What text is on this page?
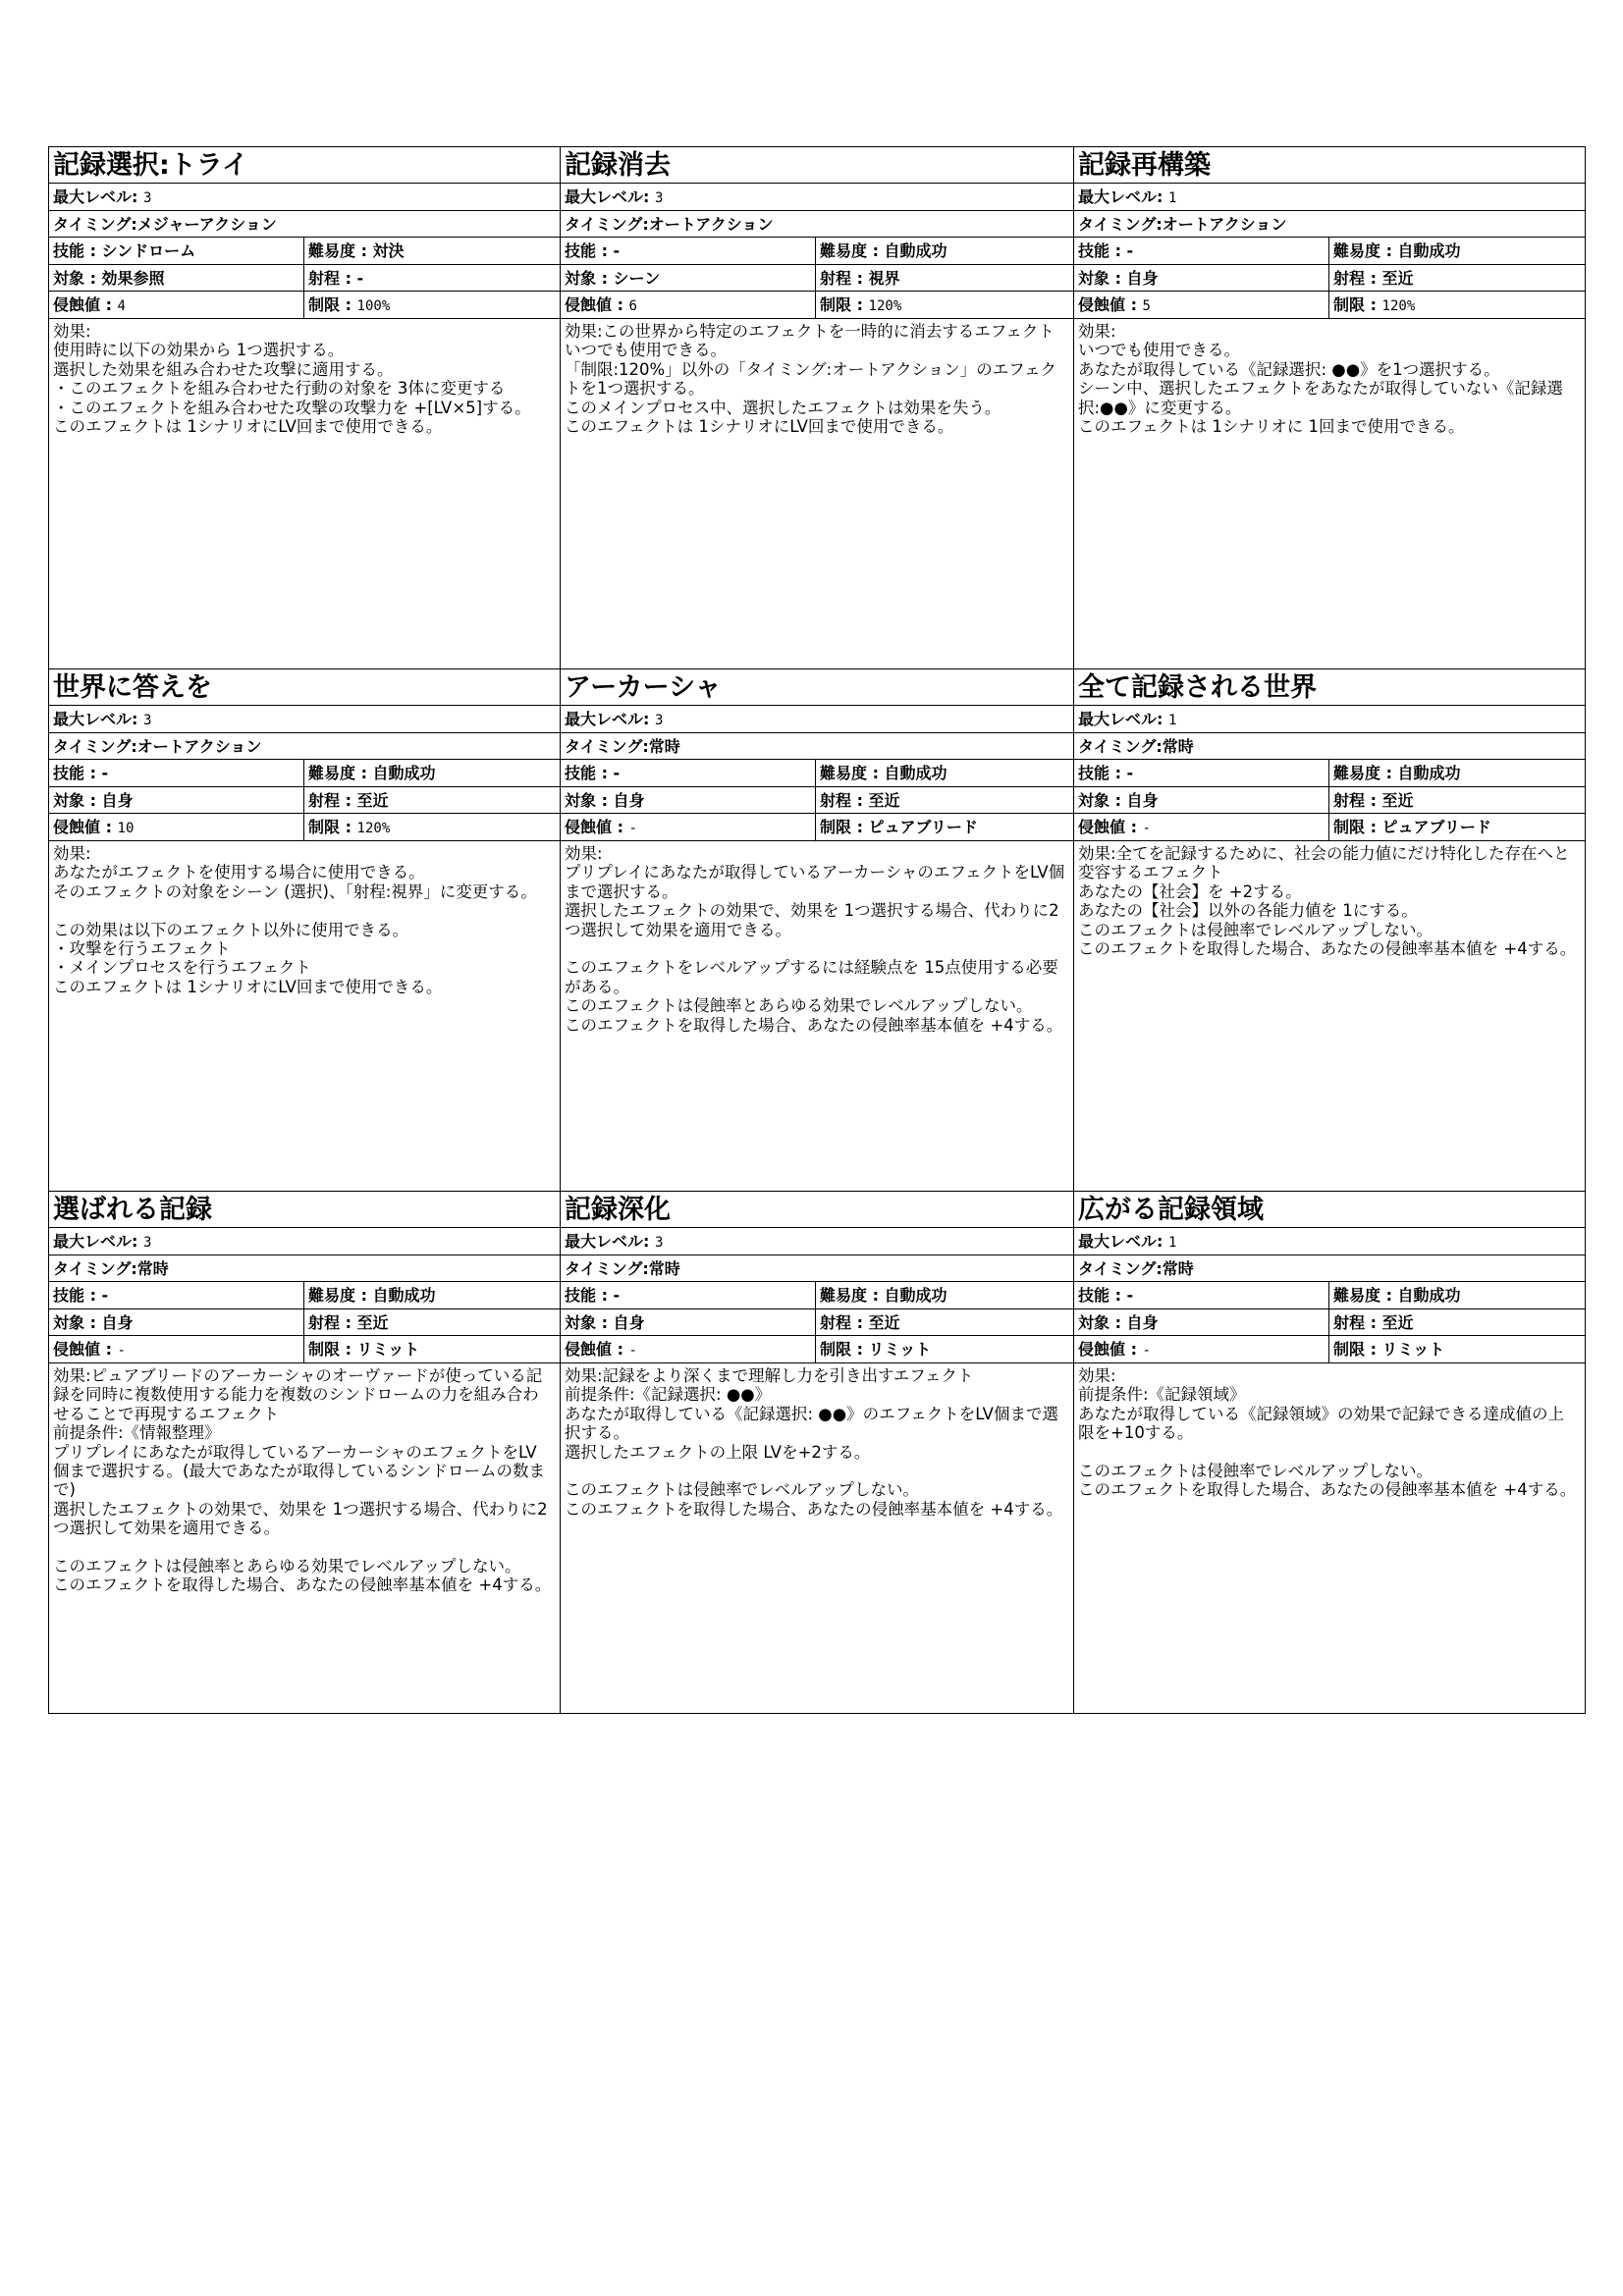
記録選択:トライ
最大レベル: 3
タイミング:メジャーアクション
技能 : シンドローム	難易度 : 対決
対象 : 効果参照	射程 : -
侵蝕値 : 4	制限 : 100%
効果:
使用時に以下の効果から 1つ選択する。
選択した効果を組み合わせた攻撃に適用する。
・このエフェクトを組み合わせた行動の対象を 3体に変更する
・このエフェクトを組み合わせた攻撃の攻撃力を +[LV×5]する。
このエフェクトは 1シナリオにLV回まで使用できる。
記録消去
最大レベル: 3
タイミング:オートアクション
技能 : -	難易度 : 自動成功
対象 : シーン	射程 : 視界
侵蝕値 : 6	制限 : 120%
効果:この世界から特定のエフェクトを一時的に消去するエフェクト
いつでも使用できる。
「制限:120%」以外の「タイミング:オートアクション」のエフェクトを1つ選択する。
このメインプロセス中、選択したエフェクトは効果を失う。
このエフェクトは 1シナリオにLV回まで使用できる。
記録再構築
最大レベル: 1
タイミング:オートアクション
技能 : -	難易度 : 自動成功
対象 : 自身	射程 : 至近
侵蝕値 : 5	制限 : 120%
効果:
いつでも使用できる。
あなたが取得している《記録選択: ●●》を1つ選択する。
シーン中、選択したエフェクトをあなたが取得していない《記録選択:●●》に変更する。
このエフェクトは 1シナリオに 1回まで使用できる。
世界に答えを
最大レベル: 3
タイミング:オートアクション
技能 : -	難易度 : 自動成功
対象 : 自身	射程 : 至近
侵蝕値 : 10	制限 : 120%
効果:
あなたがエフェクトを使用する場合に使用できる。
そのエフェクトの対象をシーン (選択)、「射程:視界」に変更する。

この効果は以下のエフェクト以外に使用できる。
・攻撃を行うエフェクト
・メインプロセスを行うエフェクト
このエフェクトは 1シナリオにLV回まで使用できる。
アーカーシャ
最大レベル: 3
タイミング:常時
技能 : -	難易度 : 自動成功
対象 : 自身	射程 : 至近
侵蝕値 : -	制限 : ピュアブリード
効果:
プリプレイにあなたが取得しているアーカーシャのエフェクトをLV個まで選択する。
選択したエフェクトの効果で、効果を 1つ選択する場合、代わりに2つ選択して効果を適用できる。

このエフェクトをレベルアップするには経験点を 15点使用する必要がある。
このエフェクトは侵蝕率とあらゆる効果でレベルアップしない。
このエフェクトを取得した場合、あなたの侵蝕率基本値を +4する。
全て記録される世界
最大レベル: 1
タイミング:常時
技能 : -	難易度 : 自動成功
対象 : 自身	射程 : 至近
侵蝕値 : -	制限 : ピュアブリード
効果:全てを記録するために、社会の能力値にだけ特化した存在へと変容するエフェクト
あなたの【社会】を +2する。
あなたの【社会】以外の各能力値を 1にする。
このエフェクトは侵蝕率でレベルアップしない。
このエフェクトを取得した場合、あなたの侵蝕率基本値を +4する。
選ばれる記録
最大レベル: 3
タイミング:常時
技能 : -	難易度 : 自動成功
対象 : 自身	射程 : 至近
侵蝕値 : -	制限 : リミット
効果:ピュアブリードのアーカーシャのオーヴァードが使っている記録を同時に複数使用する能力を複数のシンドロームの力を組み合わせることで再現するエフェクト
前提条件:《情報整理》
プリプレイにあなたが取得しているアーカーシャのエフェクトをLV個まで選択する。(最大であなたが取得しているシンドロームの数まで)
選択したエフェクトの効果で、効果を 1つ選択する場合、代わりに2つ選択して効果を適用できる。

このエフェクトは侵蝕率とあらゆる効果でレベルアップしない。
このエフェクトを取得した場合、あなたの侵蝕率基本値を +4する。
記録深化
最大レベル: 3
タイミング:常時
技能 : -	難易度 : 自動成功
対象 : 自身	射程 : 至近
侵蝕値 : -	制限 : リミット
効果:記録をより深くまで理解し力を引き出すエフェクト
前提条件:《記録選択: ●●》
あなたが取得している《記録選択: ●●》のエフェクトをLV個まで選択する。
選択したエフェクトの上限 LVを+2する。

このエフェクトは侵蝕率でレベルアップしない。
このエフェクトを取得した場合、あなたの侵蝕率基本値を +4する。
広がる記録領域
最大レベル: 1
タイミング:常時
技能 : -	難易度 : 自動成功
対象 : 自身	射程 : 至近
侵蝕値 : -	制限 : リミット
効果:
前提条件:《記録領域》
あなたが取得している《記録領域》の効果で記録できる達成値の上限を+10する。

このエフェクトは侵蝕率でレベルアップしない。
このエフェクトを取得した場合、あなたの侵蝕率基本値を +4する。
